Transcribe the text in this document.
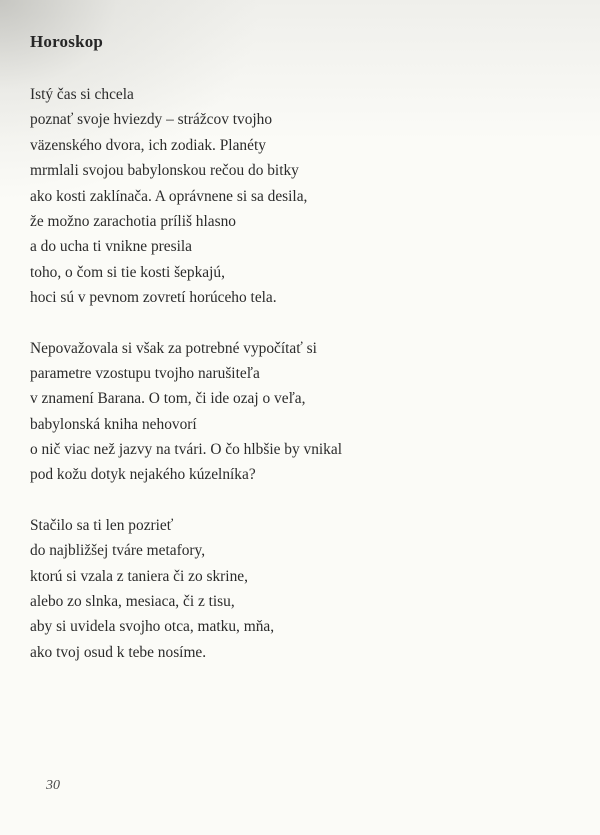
Horoskop
Istý čas si chcela
poznať svoje hviezdy – strážcov tvojho
väzenského dvora, ich zodiak. Planéty
mrmlali svojou babylonskou rečou do bitky
ako kosti zaklínača. A oprávnene si sa desila,
že možno zarachotia príliš hlasno
a do ucha ti vnikne presila
toho, o čom si tie kosti šepkajú,
hoci sú v pevnom zovretí horúceho tela.
Nepovažovala si však za potrebné vypočítať si
parametre vzostupu tvojho narušiteľa
v znamení Barana. O tom, či ide ozaj o veľa,
babylonská kniha nehovorí
o nič viac než jazvy na tvári. O čo hlbšie by vnikal
pod kožu dotyk nejakého kúzelníka?
Stačilo sa ti len pozrieť
do najbližšej tváre metafory,
ktorú si vzala z taniera či zo skrine,
alebo zo slnka, mesiaca, či z tisu,
aby si uvidela svojho otca, matku, mňa,
ako tvoj osud k tebe nosíme.
30
